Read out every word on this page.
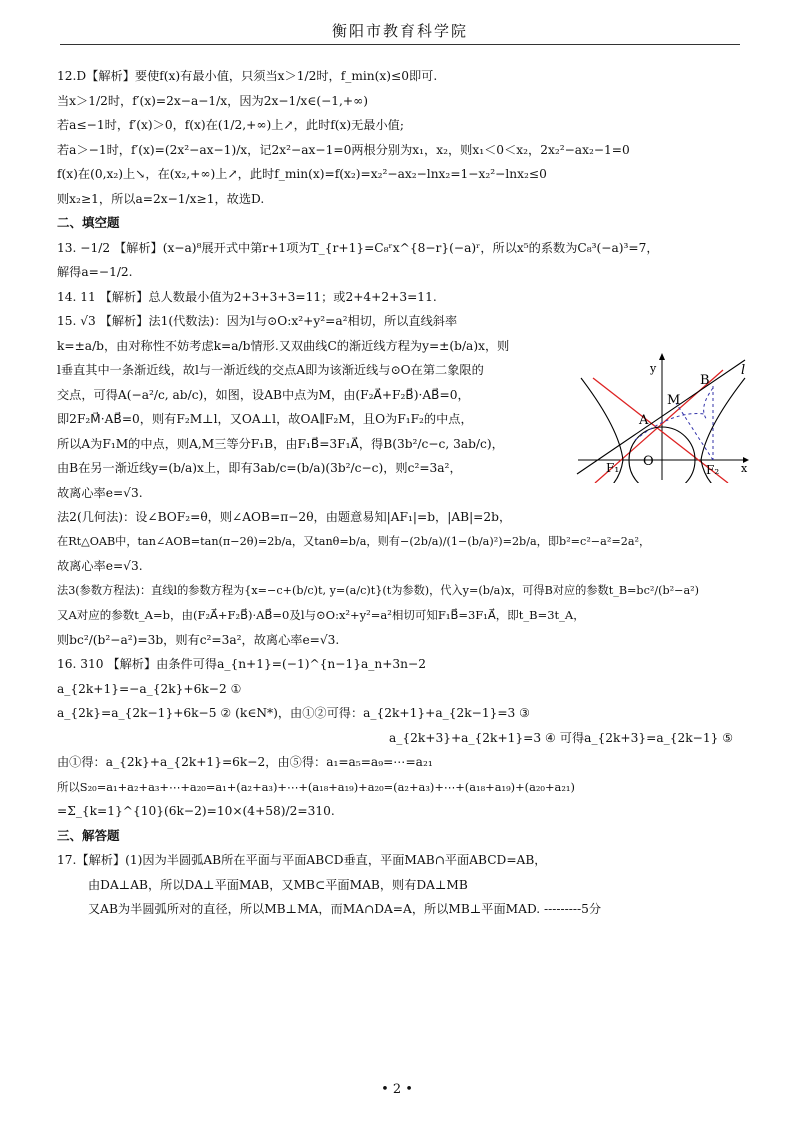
衡阳市教育科学院
12.D【解析】要使f(x)有最小值，只须当x＞1/2时，f_min(x)≤0即可.
当x＞1/2时，f′(x)=2x−a−1/x，因为2x−1/x∈(−1,+∞)
若a≤−1时，f′(x)＞0，f(x)在(1/2,+∞)上↗，此时f(x)无最小值;
若a＞−1时，f′(x)=(2x²−ax−1)/x，记2x²−ax−1=0两根分别为x₁，x₂，则x₁＜0＜x₂，2x₂²−ax₂−1=0
f(x)在(0,x₂)上↘，在(x₂,+∞)上↗，此时f_min(x)=f(x₂)=x₂²−ax₂−lnx₂=1−x₂²−lnx₂≤0
则x₂≥1，所以a=2x−1/x≥1，故选D.
二、填空题
13. −1/2 【解析】(x−a)⁸展开式中第r+1项为T_{r+1}=C₈ʳx^{8−r}(−a)ʳ，所以x⁵的系数为C₈³(−a)³=7，
解得a=−1/2.
14. 11 【解析】总人数最小值为2+3+3+3=11；或2+4+2+3=11.
15. √3 【解析】法1(代数法)：因为l与⊙O:x²+y²=a²相切，所以直线斜率
k=±a/b，由对称性不妨考虑k=a/b情形.又双曲线C的渐近线方程为y=±(b/a)x，则
l垂直其中一条渐近线，故l与一渐近线的交点A即为该渐近线与⊙O在第二象限的
交点，可得A(−a²/c, ab/c)，如图，设AB中点为M，由(F₂A⃗+F₂B⃗)·AB⃗=0，
即2F₂M⃗·AB⃗=0，则有F₂M⊥l，又OA⊥l，故OA∥F₂M，且O为F₁F₂的中点，
所以A为F₁M的中点，则A,M三等分F₁B，由F₁B⃗=3F₁A⃗，得B(3b²/c−c, 3ab/c)，
由B在另一渐近线y=(b/a)x上，即有3ab/c=(b/a)(3b²/c−c)，则c²=3a²，
故离心率e=√3.
法2(几何法)：设∠BOF₂=θ，则∠AOB=π−2θ，由题意易知|AF₁|=b，|AB|=2b，
在Rt△OAB中，tan∠AOB=tan(π−2θ)=2b/a，又tanθ=b/a，则有−(2b/a)/(1−(b/a)²)=2b/a，即b²=c²−a²=2a²，
故离心率e=√3.
法3(参数方程法)：直线l的参数方程为{x=−c+(b/c)t, y=(a/c)t}(t为参数)，代入y=(b/a)x，可得B对应的参数t_B=bc²/(b²−a²)
又A对应的参数t_A=b，由(F₂A⃗+F₂B⃗)·AB⃗=0及l与⊙O:x²+y²=a²相切可知F₁B⃗=3F₁A⃗，即t_B=3t_A，
则bc²/(b²−a²)=3b，则有c²=3a²，故离心率e=√3.
16. 310 【解析】由条件可得a_{n+1}=(−1)^{n−1}a_n+3n−2
a_{2k+1}=−a_{2k}+6k−2 ①
a_{2k}=a_{2k−1}+6k−5 ② (k∈N*)，由①②可得：a_{2k+1}+a_{2k−1}=3 ③
a_{2k+3}+a_{2k+1}=3 ④ 可得a_{2k+3}=a_{2k−1} ⑤
由①得：a_{2k}+a_{2k+1}=6k−2，由⑤得：a₁=a₅=a₉=⋯=a₂₁
所以S₂₀=a₁+a₂+a₃+⋯+a₂₀=a₁+(a₂+a₃)+⋯+(a₁₈+a₁₉)+a₂₀=(a₂+a₃)+⋯+(a₁₈+a₁₉)+(a₂₀+a₂₁)
=Σ_{k=1}^{10}(6k−2)=10×(4+58)/2=310.
三、解答题
17.【解析】(1)因为半圆弧AB所在平面与平面ABCD垂直，平面MAB∩平面ABCD=AB，
由DA⊥AB，所以DA⊥平面MAB，又MB⊂平面MAB，则有DA⊥MB
又AB为半圆弧所对的直径，所以MB⊥MA，而MA∩DA=A，所以MB⊥平面MAD. ---------5分
y	l
B
M
A
O
F₁	F₂ x
• 2 •
